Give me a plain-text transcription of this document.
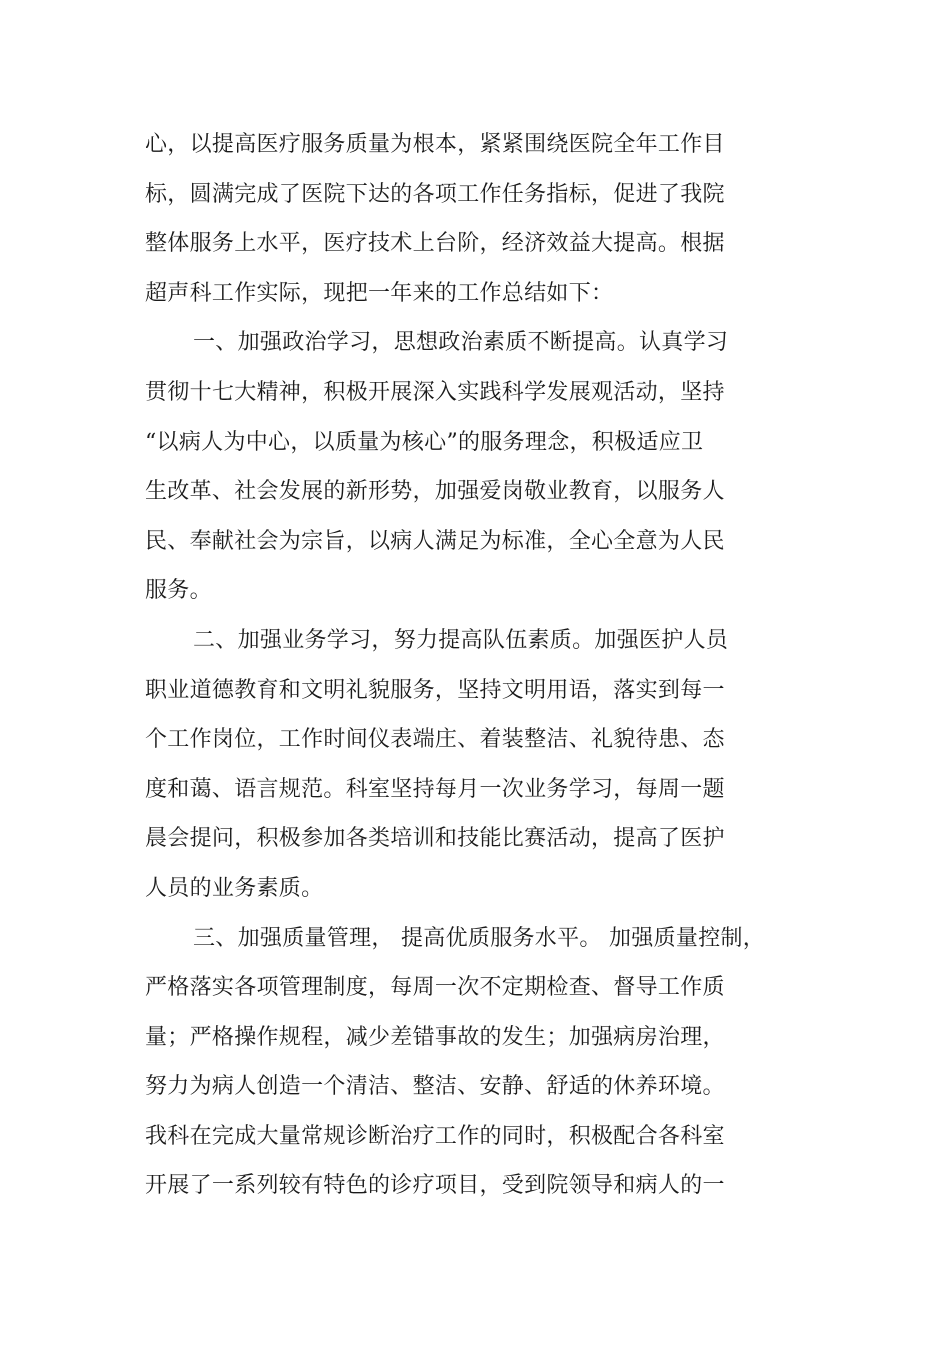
心，以提高医疗服务质量为根本，紧紧围绕医院全年工作目
标，圆满完成了医院下达的各项工作任务指标，促进了我院
整体服务上水平，医疗技术上台阶，经济效益大提高。根据
超声科工作实际，现把一年来的工作总结如下：
一、加强政治学习，思想政治素质不断提高。认真学习
贯彻十七大精神，积极开展深入实践科学发展观活动，坚持
“以病人为中心，以质量为核心”的服务理念，积极适应卫
生改革、社会发展的新形势，加强爱岗敬业教育，以服务人
民、奉献社会为宗旨，以病人满足为标准，全心全意为人民
服务。
二、加强业务学习，努力提高队伍素质。加强医护人员
职业道德教育和文明礼貌服务，坚持文明用语，落实到每一
个工作岗位，工作时间仪表端庄、着装整洁、礼貌待患、态
度和蔼、语言规范。科室坚持每月一次业务学习，每周一题
晨会提问，积极参加各类培训和技能比赛活动，提高了医护
人员的业务素质。
三、加强质量管理， 提高优质服务水平。 加强质量控制，
严格落实各项管理制度，每周一次不定期检查、督导工作质
量；严格操作规程，减少差错事故的发生；加强病房治理，
努力为病人创造一个清洁、整洁、安静、舒适的休养环境。
我科在完成大量常规诊断治疗工作的同时，积极配合各科室
开展了一系列较有特色的诊疗项目，受到院领导和病人的一
